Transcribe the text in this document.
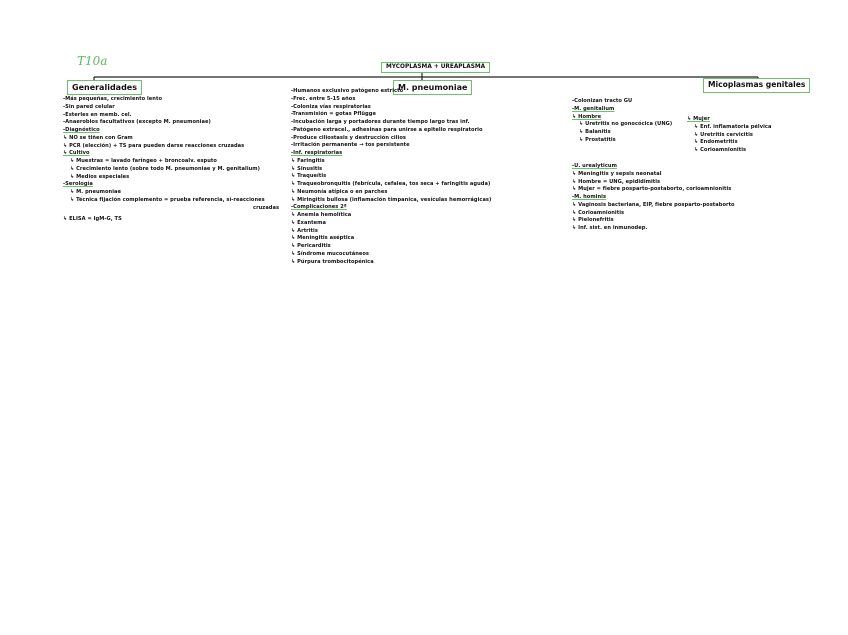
T10a	MYCOPLASMA + UREAPLASMA
Generalidades	M. pneumoniae	Micoplasmas genitales
-Más pequeñas, crecimiento lento
-Sin pared celular
-Esterles en memb. cel.
-Anaerobios facultativos (excepto M. pneumoniae)
-Diagnóstico
↳ NO se tiñen con Gram
↳ PCR (elección) + TS para pueden darse reacciones cruzadas
↳ Cultivo
↳ Muestras = lavado faríngeo + broncoalv. esputo
↳ Crecimiento lento (sobre todo M. pneumoniae y M. genitalium)
↳ Medios especiales
-Serología
↳ M. pneumoniae
↳ Técnica fijación complemento = prueba referencia, sí-reacciones
cruzadas
↳ ELISA = IgM-G, TS
-Humanos exclusivo patógeno estricto
-Frec. entre 5-15 años
-Coloniza vías respiratorias
-Transmisión = gotas Pflügge
-Incubación larga y portadores durante tiempo largo tras inf.
-Patógeno extracel., adhesinas para unirse a epitelio respiratorio
-Produce ciliostasis y destrucción cilios
-Irritación permanente → tos persistente
-Inf. respiratorias
↳ Faringitis
↳ Sinusitis
↳ Traqueítis
↳ Traqueobronquitis (febrícula, cefalea, tos seca + faringitis aguda)
↳ Neumonía atípica o en parches
↳ Miringitis bullosa (inflamación tímpanica, vesículas hemorrágicas)
-Complicaciones 2ª
↳ Anemia hemolítica
↳ Exantema
↳ Artritis
↳ Meningitis aséptica
↳ Pericarditis
↳ Síndrome mucocutáneos
↳ Púrpura trombocitopénica
-Colonizan tracto GU
-M. genitalium
↳ Hombre
↳ Uretritis no gonocócica (UNG)
↳ Balanitis
↳ Prostatitis
↳ Mujer
↳ Enf. inflamatoria pélvica
↳ Uretritis cervicitis
↳ Endometritis
↳ Corioamnionitis
-U. urealyticum
↳ Meningitis y sepsis neonatal
↳ Hombre = UNG, epididimitis
↳ Mujer = fiebre posparto-postaborto, corioamnionitis
-M. hominis
↳ Vaginosis bacteriana, EIP, fiebre posparto-postaborto
↳ Corioamnionitis
↳ Pielonefritis
↳ Inf. sist. en inmunodep.
